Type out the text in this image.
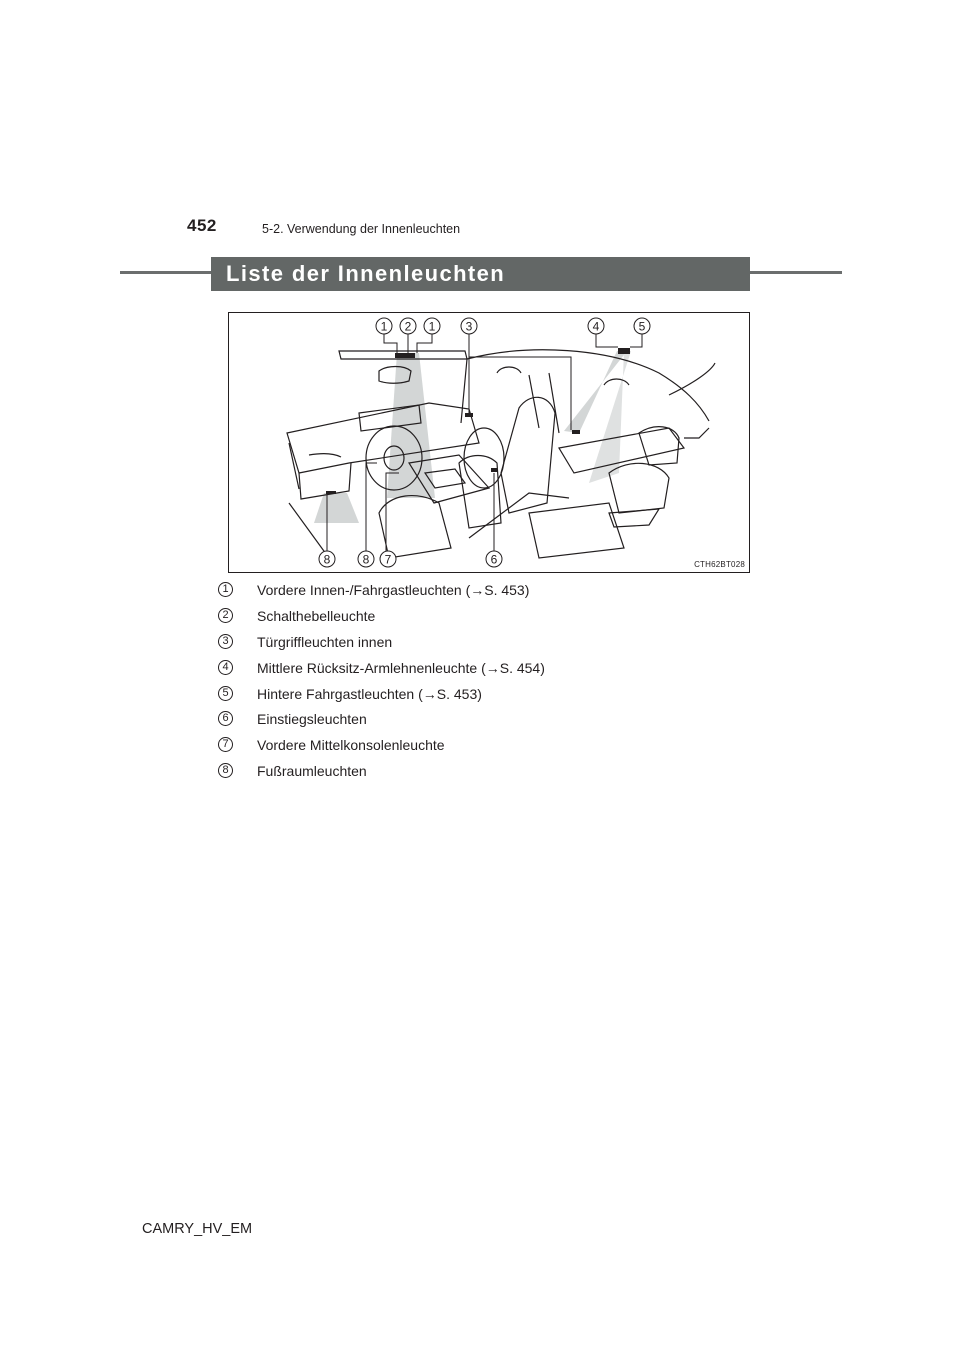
452	5-2. Verwendung der Innenleuchten
Liste der Innenleuchten
1 2 1	3	4	5
8	8 7	6	CTH62BT028
1	Vordere Innen-/Fahrgastleuchten (→S. 453)
2	Schalthebelleuchte
3	Türgriffleuchten innen
4	Mittlere Rücksitz-Armlehnenleuchte (→S. 454)
5	Hintere Fahrgastleuchten (→S. 453)
6	Einstiegsleuchten
7	Vordere Mittelkonsolenleuchte
8	Fußraumleuchten
CAMRY_HV_EM
